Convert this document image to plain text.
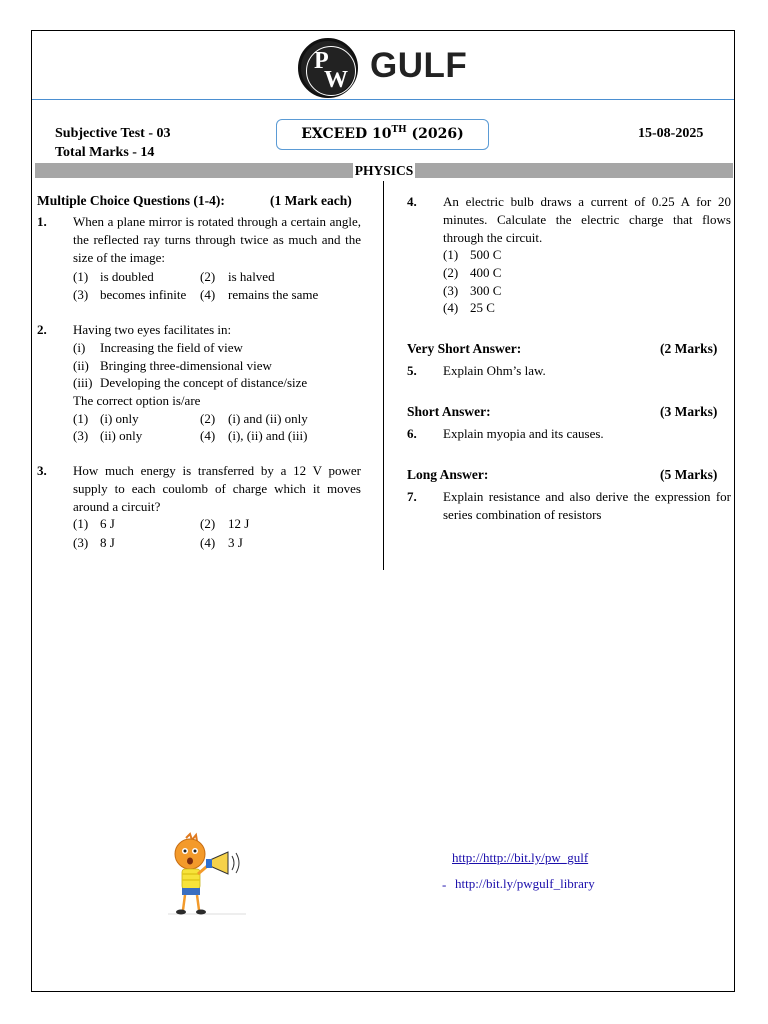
P
W GULF
Subjective Test - 03
Total Marks - 14
EXCEED 10TH (2026)	15-08-2025
PHYSICS
Multiple Choice Questions (1-4):	(1 Mark each)
1. When a plane mirror is rotated through a certain angle, the reflected ray turns through twice as much and the size of the image:
(1) is doubled	(2) is halved
(3) becomes infinite (4) remains the same
2. Having two eyes facilitates in:
(i) Increasing the field of view
(ii) Bringing three-dimensional view
(iii) Developing the concept of distance/size
The correct option is/are
(1) (i) only	(2) (i) and (ii) only
(3) (ii) only	(4) (i), (ii) and (iii)
3. How much energy is transferred by a 12 V power supply to each coulomb of charge which it moves around a circuit?
(1) 6 J	(2) 12 J
(3) 8 J	(4) 3 J
4. An electric bulb draws a current of 0.25 A for 20 minutes. Calculate the electric charge that flows through the circuit.
(1) 500 C
(2) 400 C
(3) 300 C
(4) 25 C
Very Short Answer:	(2 Marks)
5. Explain Ohm’s law.
Short Answer:	(3 Marks)
6. Explain myopia and its causes.
Long Answer:	(5 Marks)
7. Explain resistance and also derive the expression for series combination of resistors
http://http://bit.ly/pw_gulf
- http://bit.ly/pwgulf_library
